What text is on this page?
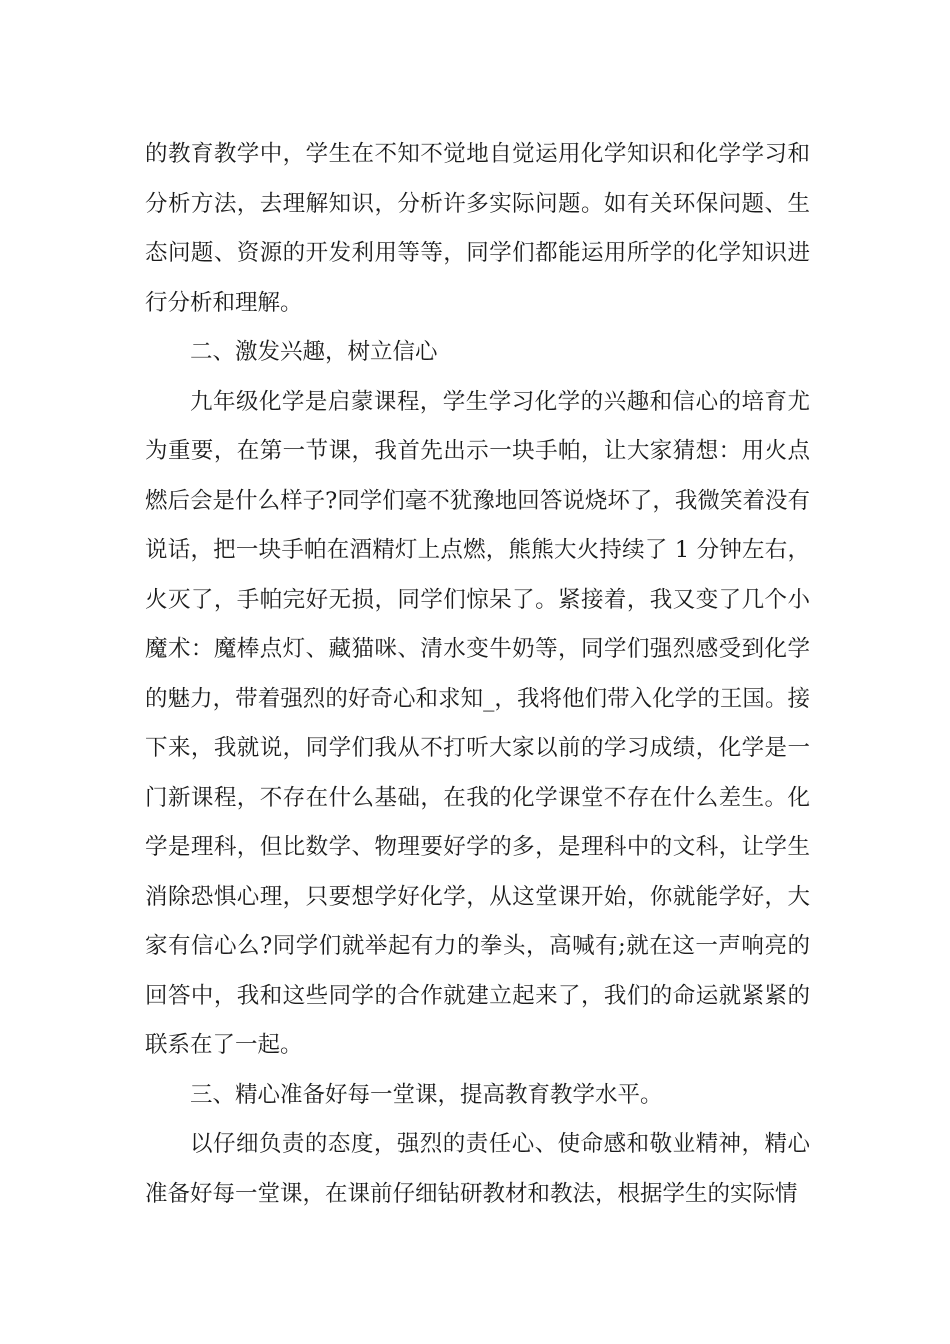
的教育教学中，学生在不知不觉地自觉运用化学知识和化学学习和分析方法，去理解知识，分析许多实际问题。如有关环保问题、生态问题、资源的开发利用等等，同学们都能运用所学的化学知识进行分析和理解。

二、激发兴趣，树立信心

九年级化学是启蒙课程，学生学习化学的兴趣和信心的培育尤为重要，在第一节课，我首先出示一块手帕，让大家猜想：用火点燃后会是什么样子?同学们毫不犹豫地回答说烧坏了，我微笑着没有说话，把一块手帕在酒精灯上点燃，熊熊大火持续了 1 分钟左右，火灭了，手帕完好无损，同学们惊呆了。紧接着，我又变了几个小魔术：魔棒点灯、藏猫咪、清水变牛奶等，同学们强烈感受到化学的魅力，带着强烈的好奇心和求知_，我将他们带入化学的王国。接下来，我就说，同学们我从不打听大家以前的学习成绩，化学是一门新课程，不存在什么基础，在我的化学课堂不存在什么差生。化学是理科，但比数学、物理要好学的多，是理科中的文科，让学生消除恐惧心理，只要想学好化学，从这堂课开始，你就能学好，大家有信心么?同学们就举起有力的拳头，高喊有;就在这一声响亮的回答中，我和这些同学的合作就建立起来了，我们的命运就紧紧的联系在了一起。

三、精心准备好每一堂课，提高教育教学水平。

以仔细负责的态度，强烈的责任心、使命感和敬业精神，精心准备好每一堂课，在课前仔细钻研教材和教法，根据学生的实际情
